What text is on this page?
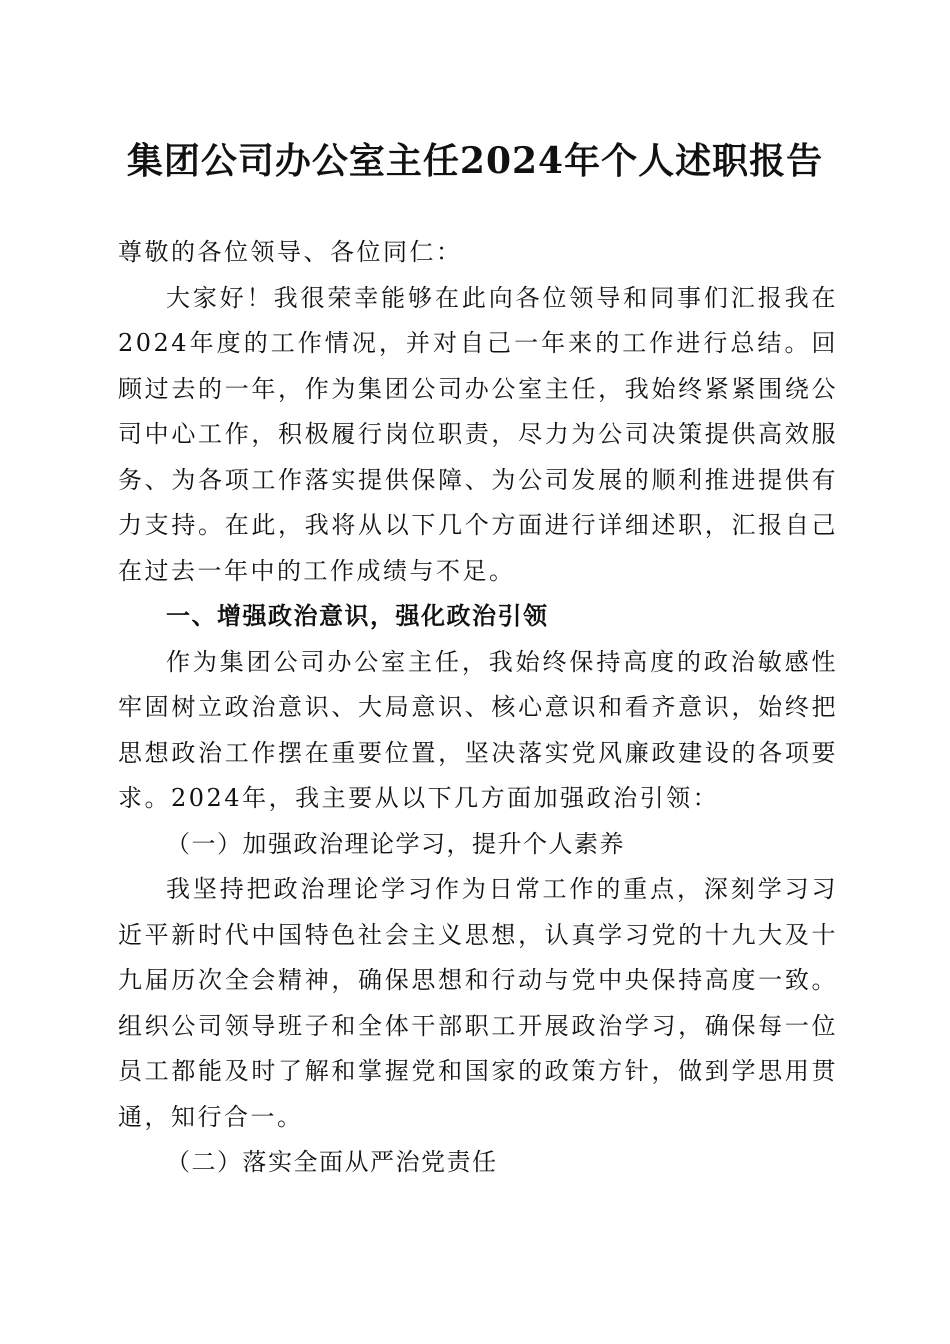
集团公司办公室主任2024年个人述职报告

尊敬的各位领导、各位同仁：

大家好！我很荣幸能够在此向各位领导和同事们汇报我在2024年度的工作情况，并对自己一年来的工作进行总结。回顾过去的一年，作为集团公司办公室主任，我始终紧紧围绕公司中心工作，积极履行岗位职责，尽力为公司决策提供高效服务、为各项工作落实提供保障、为公司发展的顺利推进提供有力支持。在此，我将从以下几个方面进行详细述职，汇报自己在过去一年中的工作成绩与不足。

一、增强政治意识，强化政治引领

作为集团公司办公室主任，我始终保持高度的政治敏感性牢固树立政治意识、大局意识、核心意识和看齐意识，始终把思想政治工作摆在重要位置，坚决落实党风廉政建设的各项要求。2024年，我主要从以下几方面加强政治引领：

（一）加强政治理论学习，提升个人素养

我坚持把政治理论学习作为日常工作的重点，深刻学习习近平新时代中国特色社会主义思想，认真学习党的十九大及十九届历次全会精神，确保思想和行动与党中央保持高度一致。组织公司领导班子和全体干部职工开展政治学习，确保每一位员工都能及时了解和掌握党和国家的政策方针，做到学思用贯通，知行合一。

（二）落实全面从严治党责任
